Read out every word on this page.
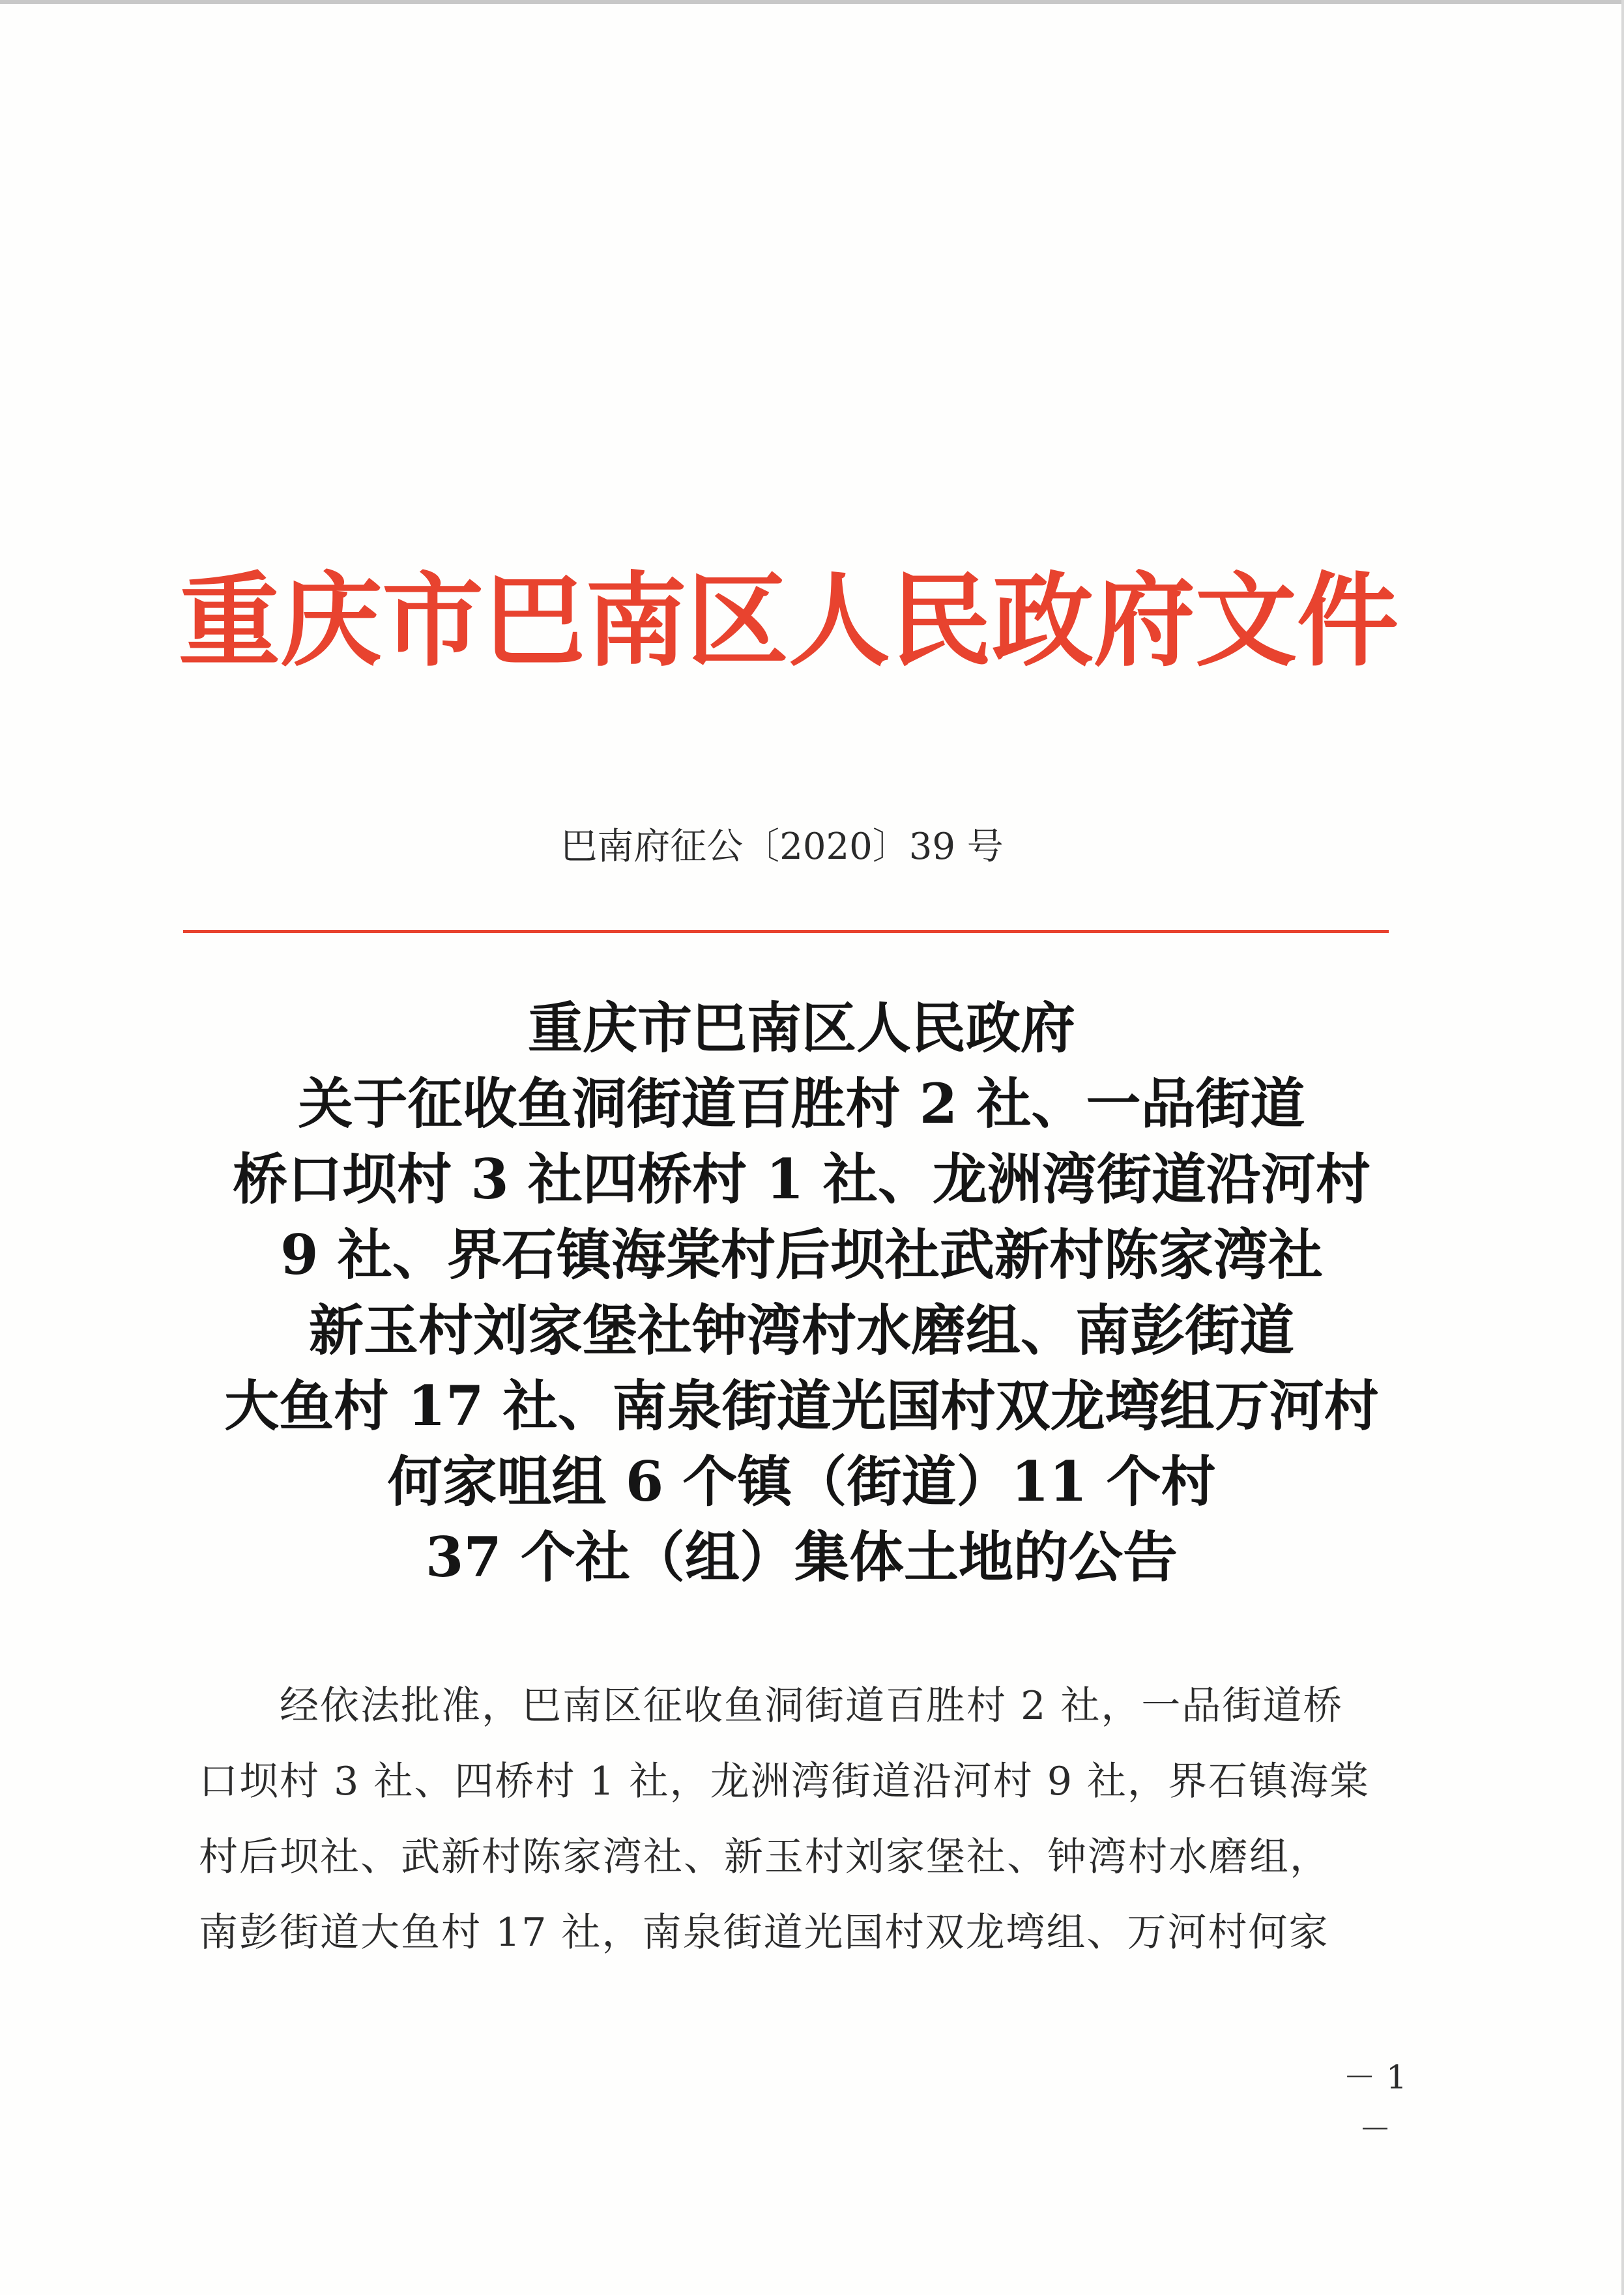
重庆市巴南区人民政府文件
巴南府征公〔2020〕39 号
重庆市巴南区人民政府
关于征收鱼洞街道百胜村 2 社、一品街道
桥口坝村 3 社四桥村 1 社、龙洲湾街道沿河村
9 社、界石镇海棠村后坝社武新村陈家湾社
新玉村刘家堡社钟湾村水磨组、南彭街道
大鱼村 17 社、南泉街道光国村双龙塆组万河村
何家咀组 6 个镇（街道）11 个村
37 个社（组）集体土地的公告
　　经依法批准，巴南区征收鱼洞街道百胜村 2 社，一品街道桥
口坝村 3 社、四桥村 1 社，龙洲湾街道沿河村 9 社，界石镇海棠
村后坝社、武新村陈家湾社、新玉村刘家堡社、钟湾村水磨组，
南彭街道大鱼村 17 社，南泉街道光国村双龙塆组、万河村何家
－ 1 －
